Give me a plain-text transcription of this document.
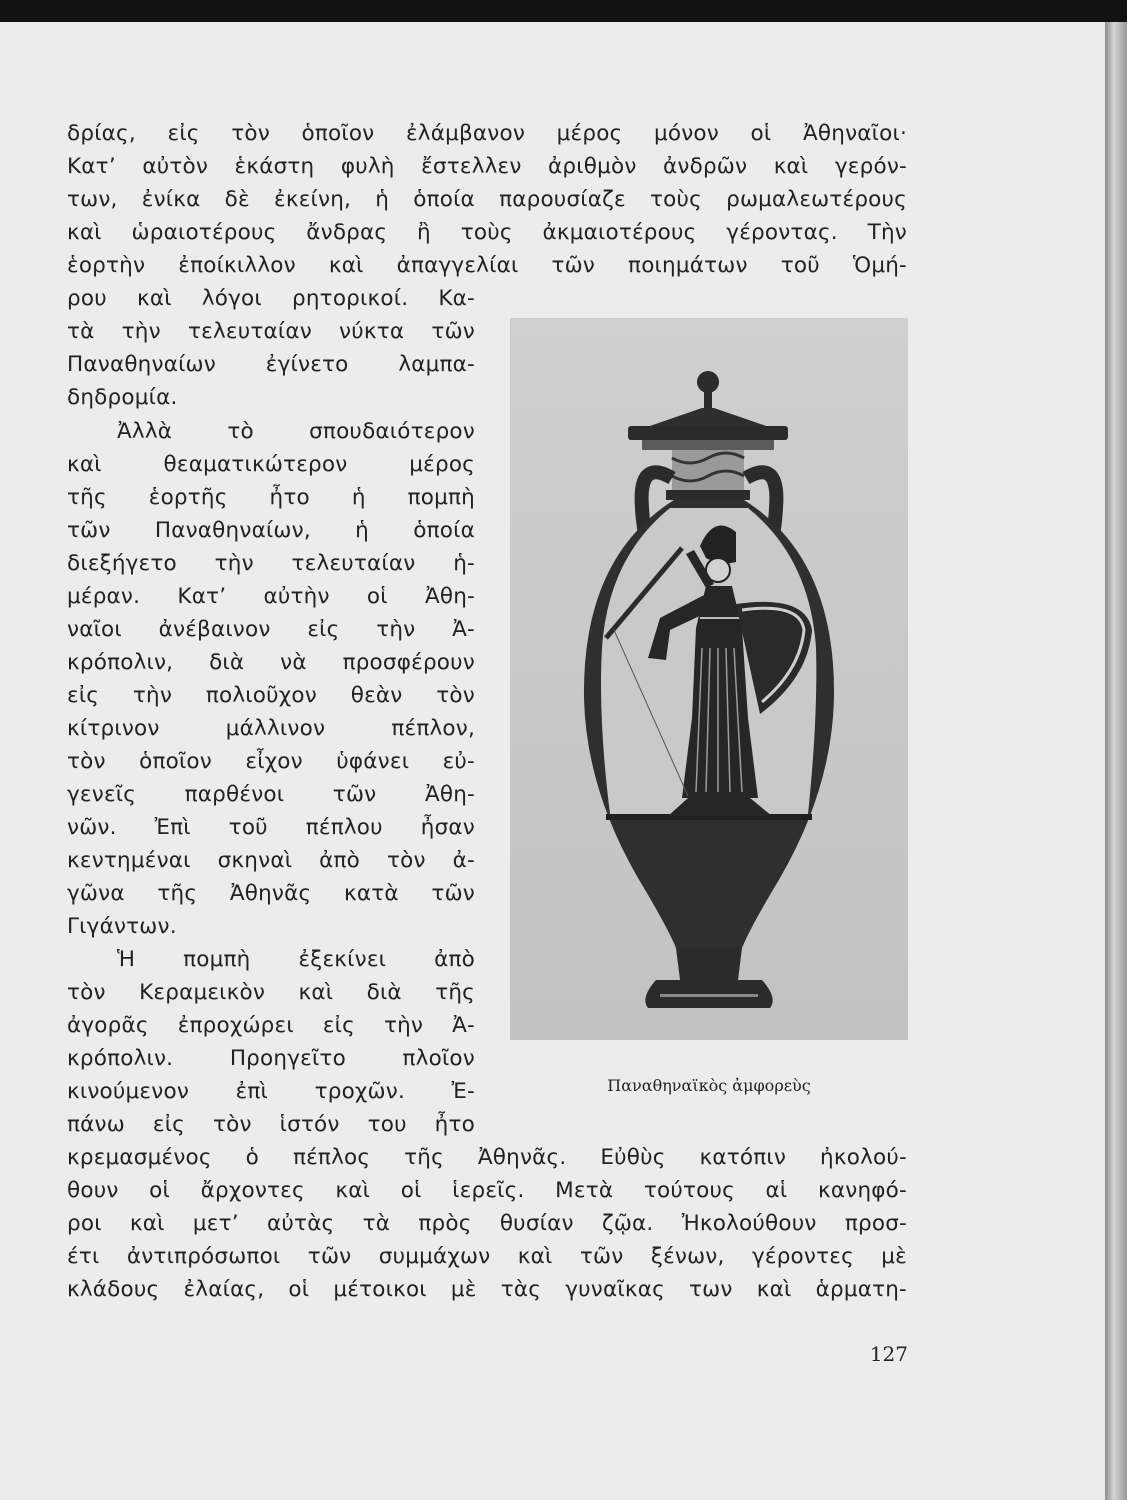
δρίας, εἰς τὸν ὁποῖον ἐλάμβανον μέρος μόνον οἱ Ἀθηναῖοι·
Κατ’ αὐτὸν ἑκάστη φυλὴ ἔστελλεν ἀριθμὸν ἀνδρῶν καὶ γερόν-
των, ἐνίκα δὲ ἐκείνη, ἡ ὁποία παρουσίαζε τοὺς ρωμαλεωτέρους
καὶ ὡραιοτέρους ἄνδρας ἢ τοὺς ἀκμαιοτέρους γέροντας. Τὴν
ἑορτὴν ἐποίκιλλον καὶ ἀπαγγελίαι τῶν ποιημάτων τοῦ Ὁμή-
ρου καὶ λόγοι ρητορικοί. Κα-
τὰ τὴν τελευταίαν νύκτα τῶν
Παναθηναίων ἐγίνετο λαμπα-
δηδρομία.
Ἀλλὰ τὸ σπουδαιότερον
καὶ θεαματικώτερον μέρος
τῆς ἑορτῆς ἦτο ἡ πομπὴ
τῶν Παναθηναίων, ἡ ὁποία
διεξήγετο τὴν τελευταίαν ἡ-
μέραν. Κατ’ αὐτὴν οἱ Ἀθη-
ναῖοι ἀνέβαινον εἰς τὴν Ἀ-
κρόπολιν, διὰ νὰ προσφέρουν
εἰς τὴν πολιοῦχον θεὰν τὸν
κίτρινον μάλλινον πέπλον,
τὸν ὁποῖον εἶχον ὑφάνει εὐ-
γενεῖς παρθένοι τῶν Ἀθη-
νῶν. Ἐπὶ τοῦ πέπλου ἦσαν
κεντημέναι σκηναὶ ἀπὸ τὸν ἀ-
γῶνα τῆς Ἀθηνᾶς κατὰ τῶν
Γιγάντων.
Ἡ πομπὴ ἐξεκίνει ἀπὸ
τὸν Κεραμεικὸν καὶ διὰ τῆς
ἀγορᾶς ἐπροχώρει εἰς τὴν Ἀ-
κρόπολιν. Προηγεῖτο πλοῖον
κινούμενον ἐπὶ τροχῶν. Ἐ-
πάνω εἰς τὸν ἱστόν του ἦτο
κρεμασμένος ὁ πέπλος τῆς Ἀθηνᾶς. Εὐθὺς κατόπιν ἠκολού-
θουν οἱ ἄρχοντες καὶ οἱ ἱερεῖς. Μετὰ τούτους αἱ κανηφό-
ροι καὶ μετ’ αὐτὰς τὰ πρὸς θυσίαν ζῷα. Ἠκολούθουν προσ-
έτι ἀντιπρόσωποι τῶν συμμάχων καὶ τῶν ξένων, γέροντες μὲ
κλάδους ἐλαίας, οἱ μέτοικοι μὲ τὰς γυναῖκας των καὶ ἁρματη-
Παναθηναϊκὸς ἀμφορεὺς
127
